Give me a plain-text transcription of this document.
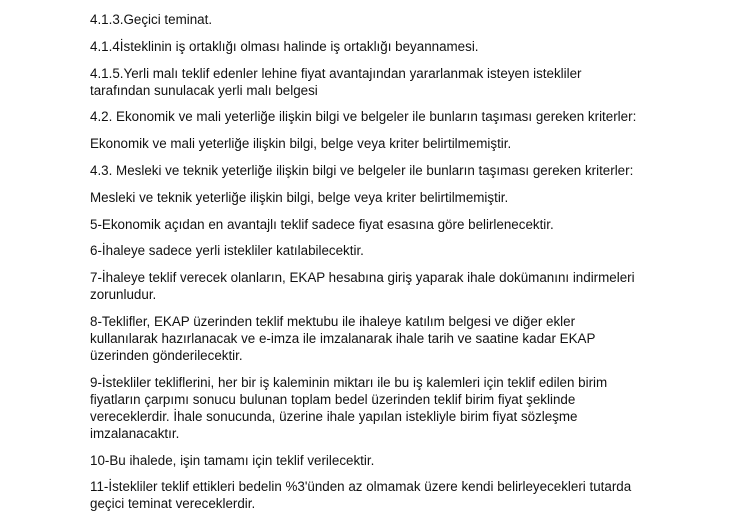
4.1.3.Geçici teminat.

4.1.4İsteklinin iş ortaklığı olması halinde iş ortaklığı beyannamesi.

4.1.5.Yerli malı teklif edenler lehine fiyat avantajından yararlanmak isteyen istekliler
tarafından sunulacak yerli malı belgesi

4.2. Ekonomik ve mali yeterliğe ilişkin bilgi ve belgeler ile bunların taşıması gereken kriterler:

Ekonomik ve mali yeterliğe ilişkin bilgi, belge veya kriter belirtilmemiştir.

4.3. Mesleki ve teknik yeterliğe ilişkin bilgi ve belgeler ile bunların taşıması gereken kriterler:

Mesleki ve teknik yeterliğe ilişkin bilgi, belge veya kriter belirtilmemiştir.

5-Ekonomik açıdan en avantajlı teklif sadece fiyat esasına göre belirlenecektir.

6-İhaleye sadece yerli istekliler katılabilecektir.

7-İhaleye teklif verecek olanların, EKAP hesabına giriş yaparak ihale dokümanını indirmeleri
zorunludur.

8-Teklifler, EKAP üzerinden teklif mektubu ile ihaleye katılım belgesi ve diğer ekler
kullanılarak hazırlanacak ve e-imza ile imzalanarak ihale tarih ve saatine kadar EKAP
üzerinden gönderilecektir.

9-İstekliler tekliflerini, her bir iş kaleminin miktarı ile bu iş kalemleri için teklif edilen birim
fiyatların çarpımı sonucu bulunan toplam bedel üzerinden teklif birim fiyat şeklinde
vereceklerdir. İhale sonucunda, üzerine ihale yapılan istekliyle birim fiyat sözleşme
imzalanacaktır.

10-Bu ihalede, işin tamamı için teklif verilecektir.

11-İstekliler teklif ettikleri bedelin %3'ünden az olmamak üzere kendi belirleyecekleri tutarda
geçici teminat vereceklerdir.
